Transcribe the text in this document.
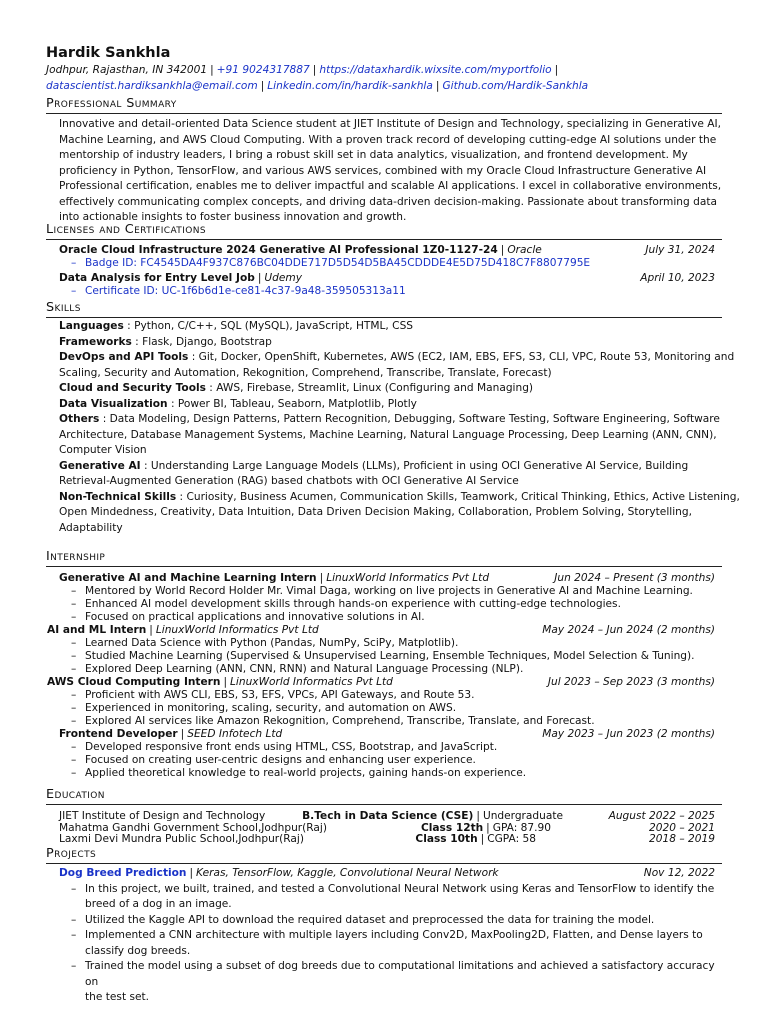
Hardik Sankhla
Jodhpur, Rajasthan, IN 342001 | +91 9024317887 | https://dataxhardik.wixsite.com/myportfolio |
datascientist.hardiksankhla@email.com | Linkedin.com/in/hardik-sankhla | Github.com/Hardik-Sankhla
Professional Summary
Innovative and detail-oriented Data Science student at JIET Institute of Design and Technology, specializing in Generative AI,
Machine Learning, and AWS Cloud Computing. With a proven track record of developing cutting-edge AI solutions under the
mentorship of industry leaders, I bring a robust skill set in data analytics, visualization, and frontend development. My
proficiency in Python, TensorFlow, and various AWS services, combined with my Oracle Cloud Infrastructure Generative AI
Professional certification, enables me to deliver impactful and scalable AI applications. I excel in collaborative environments,
effectively communicating complex concepts, and driving data-driven decision-making. Passionate about transforming data
into actionable insights to foster business innovation and growth.
Licenses and Certifications
Oracle Cloud Infrastructure 2024 Generative AI Professional 1Z0-1127-24 | Oracle	July 31, 2024
– Badge ID: FC4545DA4F937C876BC04DDE717D5D54D5BA45CDDDE4E5D75D418C7F8807795E
Data Analysis for Entry Level Job | Udemy	April 10, 2023
– Certificate ID: UC-1f6b6d1e-ce81-4c37-9a48-359505313a11
Skills
Languages : Python, C/C++, SQL (MySQL), JavaScript, HTML, CSS
Frameworks : Flask, Django, Bootstrap
DevOps and API Tools : Git, Docker, OpenShift, Kubernetes, AWS (EC2, IAM, EBS, EFS, S3, CLI, VPC, Route 53, Monitoring and
Scaling, Security and Automation, Rekognition, Comprehend, Transcribe, Translate, Forecast)
Cloud and Security Tools : AWS, Firebase, Streamlit, Linux (Configuring and Managing)
Data Visualization : Power BI, Tableau, Seaborn, Matplotlib, Plotly
Others : Data Modeling, Design Patterns, Pattern Recognition, Debugging, Software Testing, Software Engineering, Software
Architecture, Database Management Systems, Machine Learning, Natural Language Processing, Deep Learning (ANN, CNN),
Computer Vision
Generative AI : Understanding Large Language Models (LLMs), Proficient in using OCI Generative AI Service, Building
Retrieval-Augmented Generation (RAG) based chatbots with OCI Generative AI Service
Non-Technical Skills : Curiosity, Business Acumen, Communication Skills, Teamwork, Critical Thinking, Ethics, Active Listening,
Open Mindedness, Creativity, Data Intuition, Data Driven Decision Making, Collaboration, Problem Solving, Storytelling,
Adaptability
Internship
Generative AI and Machine Learning Intern | LinuxWorld Informatics Pvt Ltd	Jun 2024 – Present (3 months)
– Mentored by World Record Holder Mr. Vimal Daga, working on live projects in Generative AI and Machine Learning.
– Enhanced AI model development skills through hands-on experience with cutting-edge technologies.
– Focused on practical applications and innovative solutions in AI.
AI and ML Intern | LinuxWorld Informatics Pvt Ltd	May 2024 – Jun 2024 (2 months)
– Learned Data Science with Python (Pandas, NumPy, SciPy, Matplotlib).
– Studied Machine Learning (Supervised & Unsupervised Learning, Ensemble Techniques, Model Selection & Tuning).
– Explored Deep Learning (ANN, CNN, RNN) and Natural Language Processing (NLP).
AWS Cloud Computing Intern | LinuxWorld Informatics Pvt Ltd	Jul 2023 – Sep 2023 (3 months)
– Proficient with AWS CLI, EBS, S3, EFS, VPCs, API Gateways, and Route 53.
– Experienced in monitoring, scaling, security, and automation on AWS.
– Explored AI services like Amazon Rekognition, Comprehend, Transcribe, Translate, and Forecast.
Frontend Developer | SEED Infotech Ltd	May 2023 – Jun 2023 (2 months)
– Developed responsive front ends using HTML, CSS, Bootstrap, and JavaScript.
– Focused on creating user-centric designs and enhancing user experience.
– Applied theoretical knowledge to real-world projects, gaining hands-on experience.
Education
JIET Institute of Design and Technology	B.Tech in Data Science (CSE) | Undergraduate	August 2022 – 2025
Mahatma Gandhi Government School,Jodhpur(Raj)	Class 12th | GPA: 87.90	2020 – 2021
Laxmi Devi Mundra Public School,Jodhpur(Raj)	Class 10th | CGPA: 58	2018 – 2019
Projects
Dog Breed Prediction | Keras, TensorFlow, Kaggle, Convolutional Neural Network	Nov 12, 2022
– In this project, we built, trained, and tested a Convolutional Neural Network using Keras and TensorFlow to identify the
breed of a dog in an image.
– Utilized the Kaggle API to download the required dataset and preprocessed the data for training the model.
– Implemented a CNN architecture with multiple layers including Conv2D, MaxPooling2D, Flatten, and Dense layers to
classify dog breeds.
– Trained the model using a subset of dog breeds due to computational limitations and achieved a satisfactory accuracy on
the test set.
